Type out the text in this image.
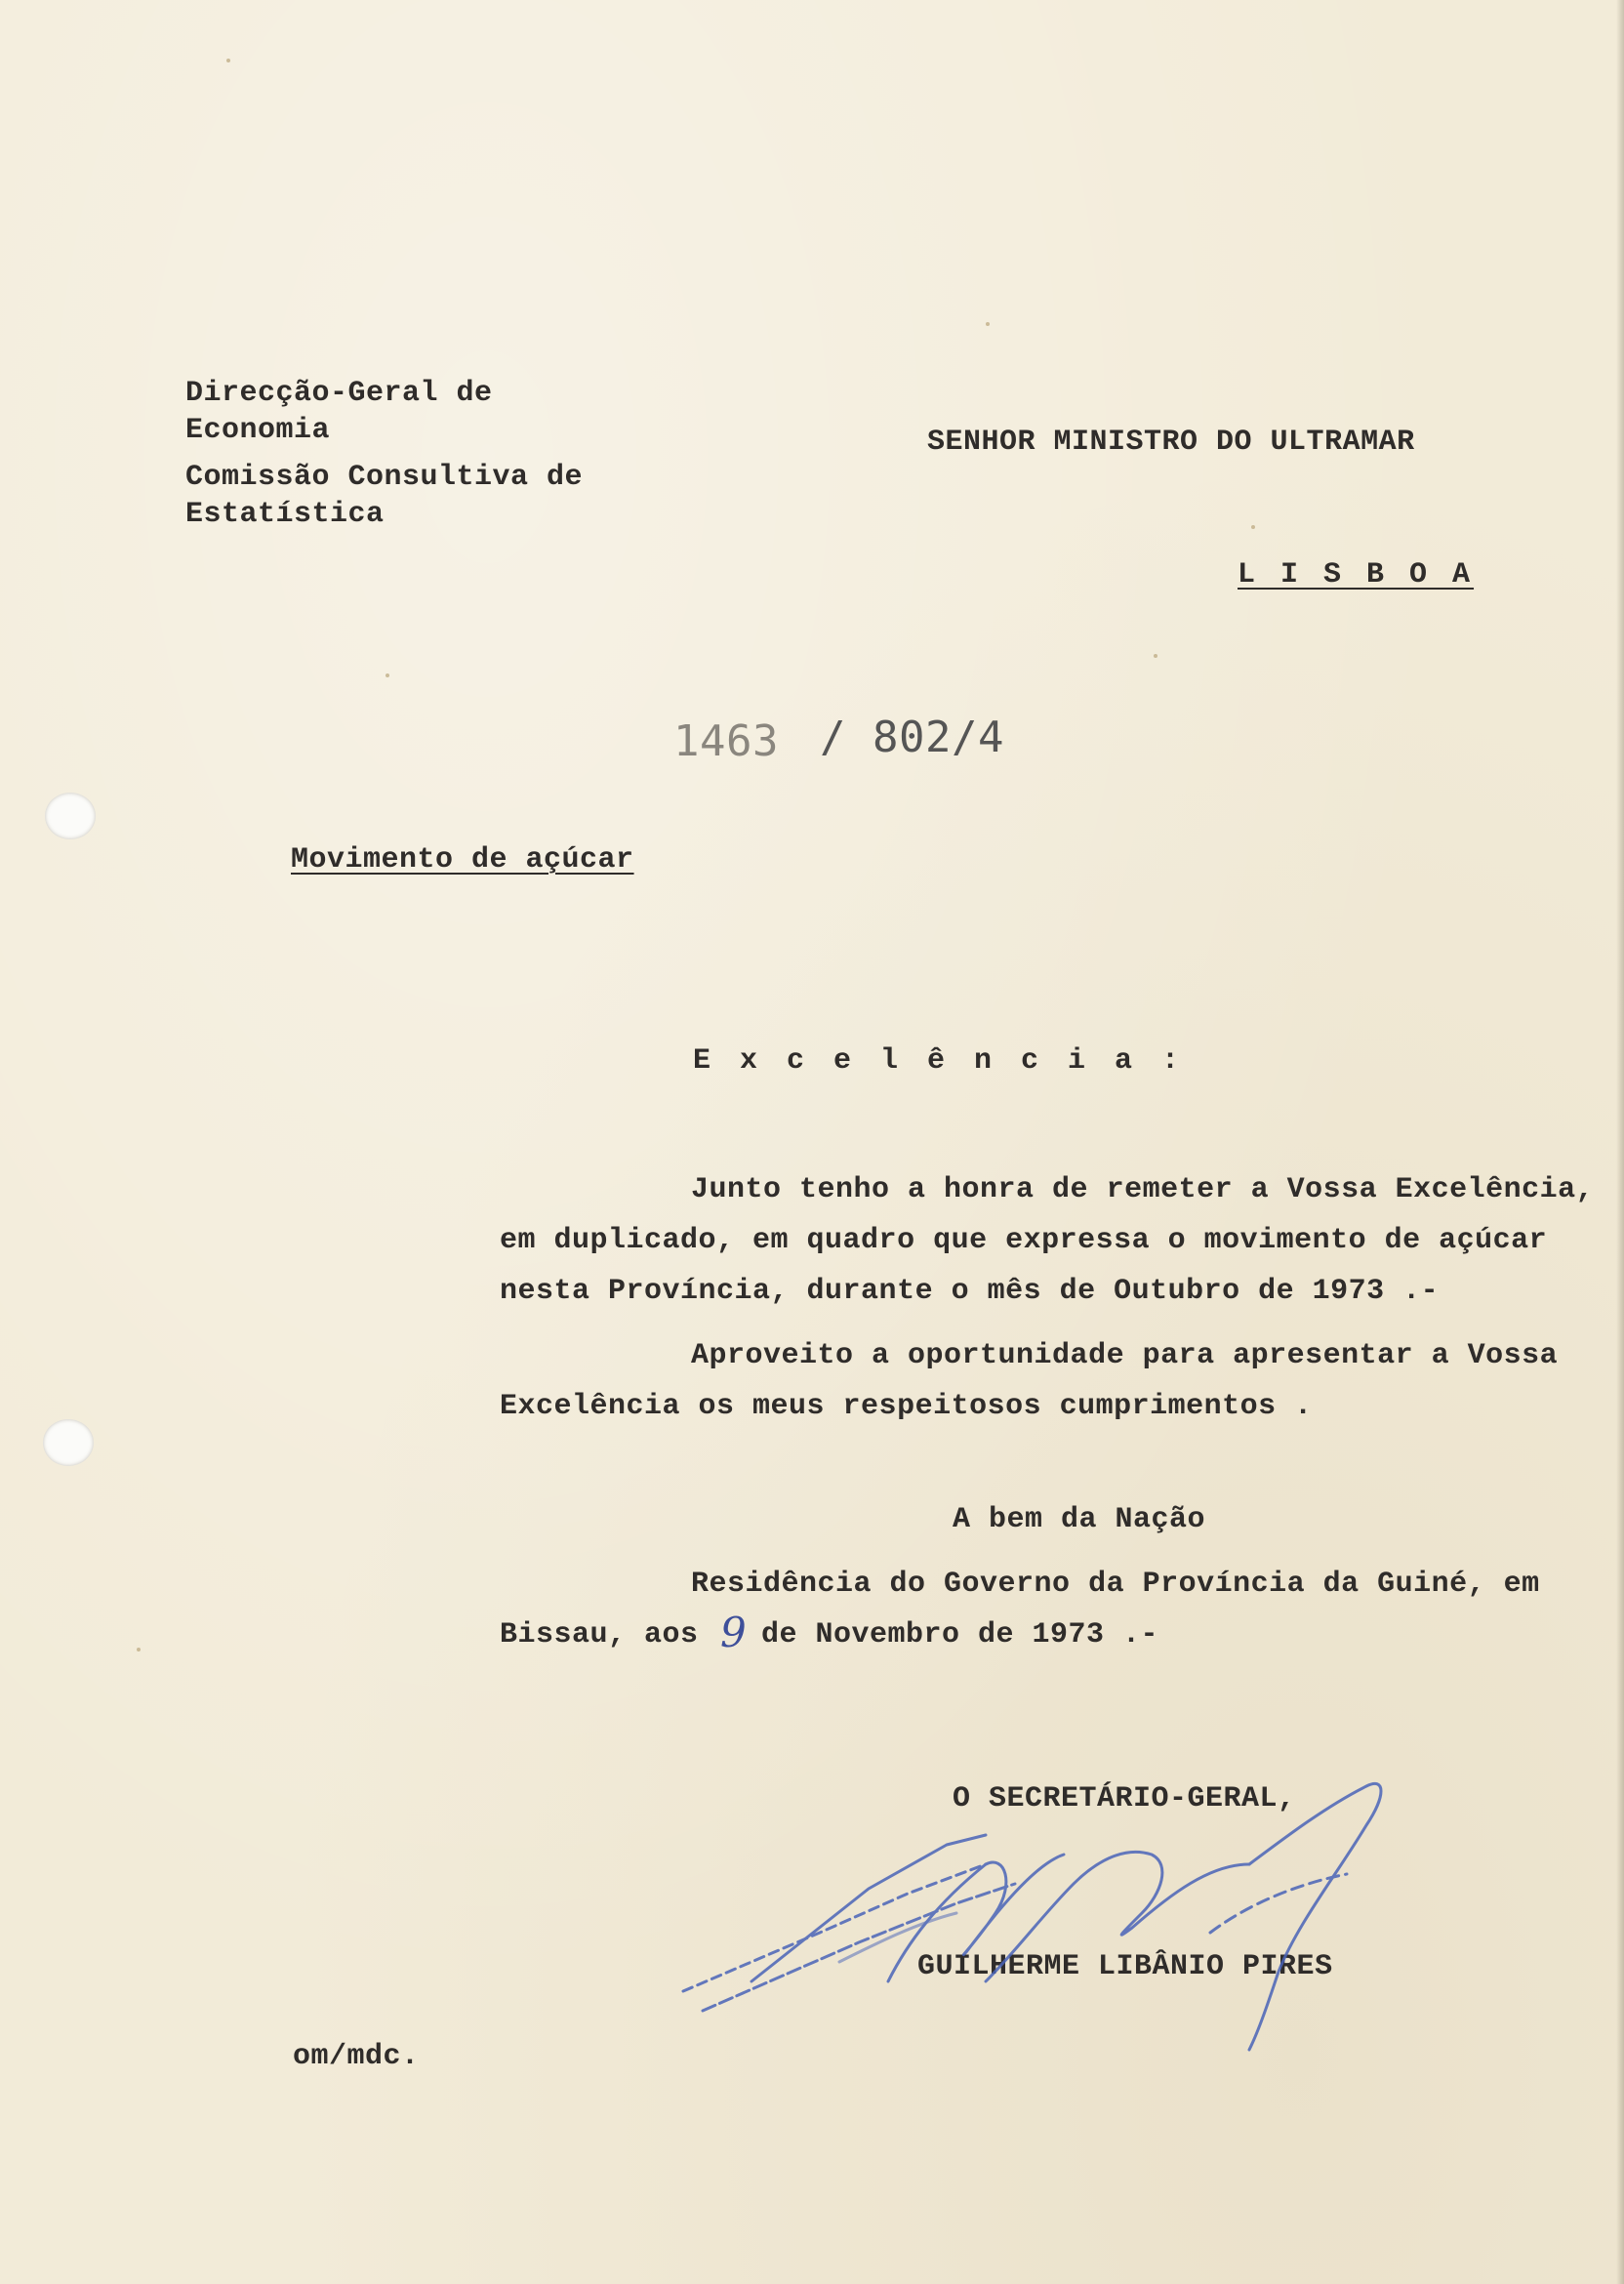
Direcção-Geral de
Economia
Comissão Consultiva de
Estatística
SENHOR MINISTRO DO ULTRAMAR
L I S B O A
1463 / 802/4
Movimento de açúcar
E x c e l ê n c i a :
Junto tenho a honra de remeter a Vossa Excelência,
em duplicado, em quadro que expressa o movimento de açúcar
nesta Província, durante o mês de Outubro de 1973 .-
Aproveito a oportunidade para apresentar a Vossa
Excelência os meus respeitosos cumprimentos .
A bem da Nação
Residência do Governo da Província da Guiné, em
Bissau, aos 9 de Novembro de 1973 .-
O SECRETÁRIO-GERAL,
GUILHERME LIBÂNIO PIRES
om/mdc.
